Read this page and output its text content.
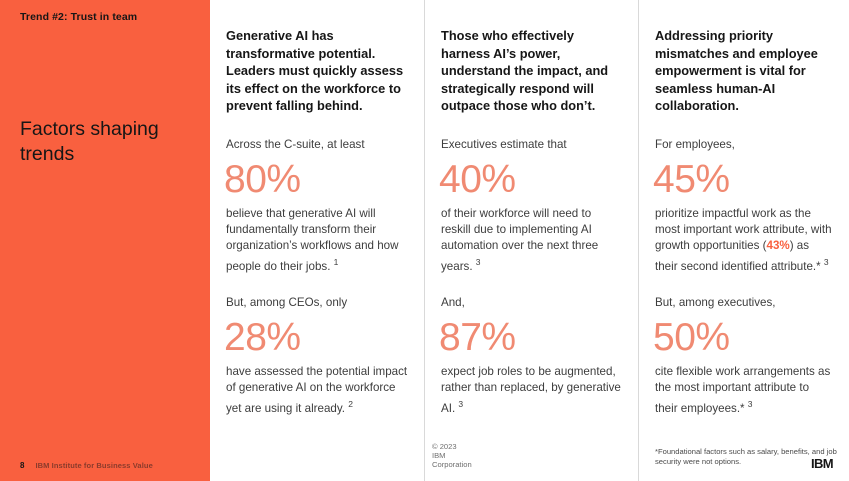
Trend #2: Trust in team
Factors shaping trends
8 IBM Institute for Business Value

Generative AI has transformative potential. Leaders must quickly assess its effect on the workforce to prevent falling behind.

Across the C-suite, at least

80%

believe that generative AI will fundamentally transform their organization’s workflows and how people do their jobs. $^1$

But, among CEOs, only

28%

have assessed the potential impact of generative AI on the workforce yet are using it already. $^2$

© 2023 IBM Corporation

Those who effectively harness AI’s power, understand the impact, and strategically respond will outpace those who don’t.

Executives estimate that

40%

of their workforce will need to reskill due to implementing AI automation over the next three years. $^3$

And,

87%

expect job roles to be augmented, rather than replaced, by generative AI. $^3$

Addressing priority mismatches and employee empowerment is vital for seamless human-AI collaboration.

For employees,

45%

prioritize impactful work as the most important work attribute, with growth opportunities (43%) as their second identified attribute.* $^3$

But, among executives,

50%

cite flexible work arrangements as the most important attribute to their employees.* $^3$

*Foundational factors such as salary, benefits, and job security were not options.	IBM
